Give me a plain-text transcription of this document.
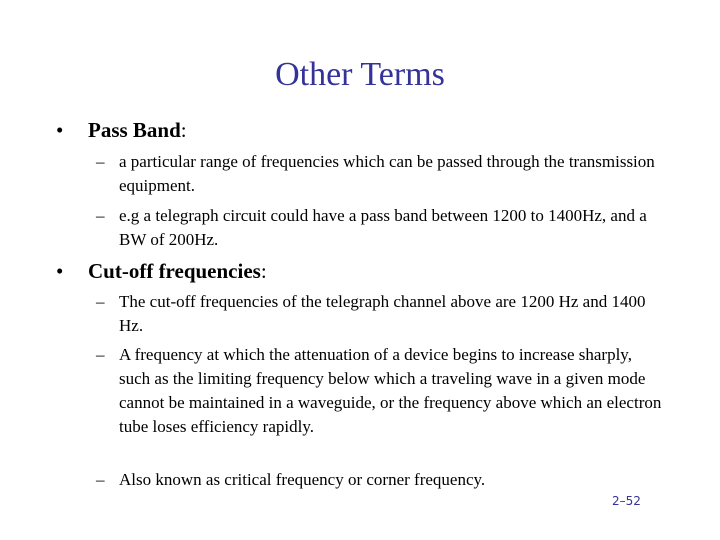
Other Terms
• Pass Band:
– a particular range of frequencies which can be passed through the transmission equipment.
– e.g a telegraph circuit could have a pass band between 1200 to 1400Hz, and a BW of 200Hz.
• Cut-off frequencies:
– The cut-off frequencies of the telegraph channel above are 1200 Hz and 1400 Hz.
– A frequency at which the attenuation of a device begins to increase sharply, such as the limiting frequency below which a traveling wave in a given mode cannot be maintained in a waveguide, or the frequency above which an electron tube loses efficiency rapidly.
– Also known as critical frequency or corner frequency.
2–52
